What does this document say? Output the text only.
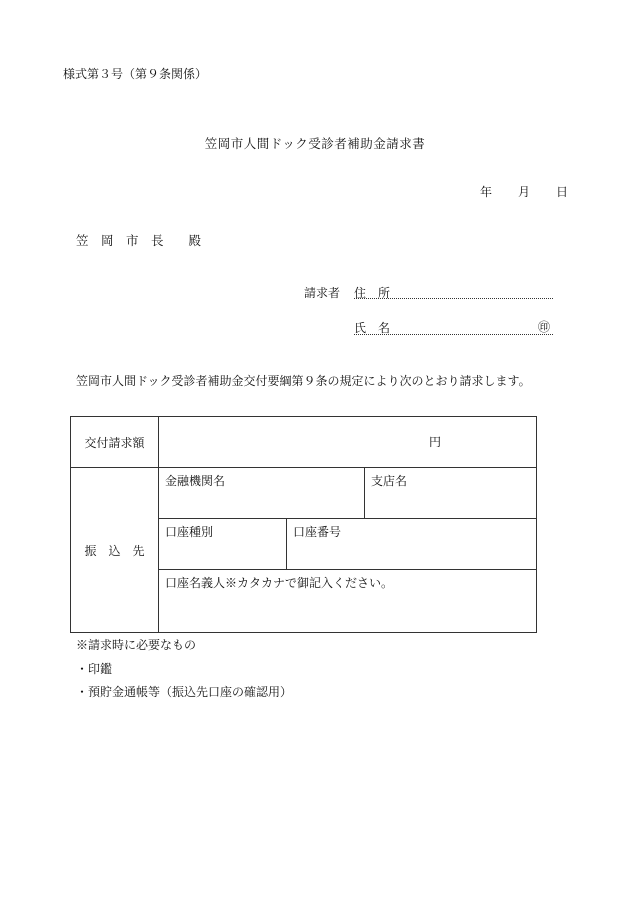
様式第３号（第９条関係）
笠岡市人間ドック受診者補助金請求書
年 月 日
笠　岡　市　長　　殿
請求者 住　所
氏　名	㊞
笠岡市人間ドック受診者補助金交付要綱第９条の規定により次のとおり請求します。
交付請求額	円		

振　込　先	金融機関名		支店名

	口座種別	口座番号	

	口座名義人※カタカナで御記入ください。		
※請求時に必要なもの
・印鑑
・預貯金通帳等（振込先口座の確認用）
